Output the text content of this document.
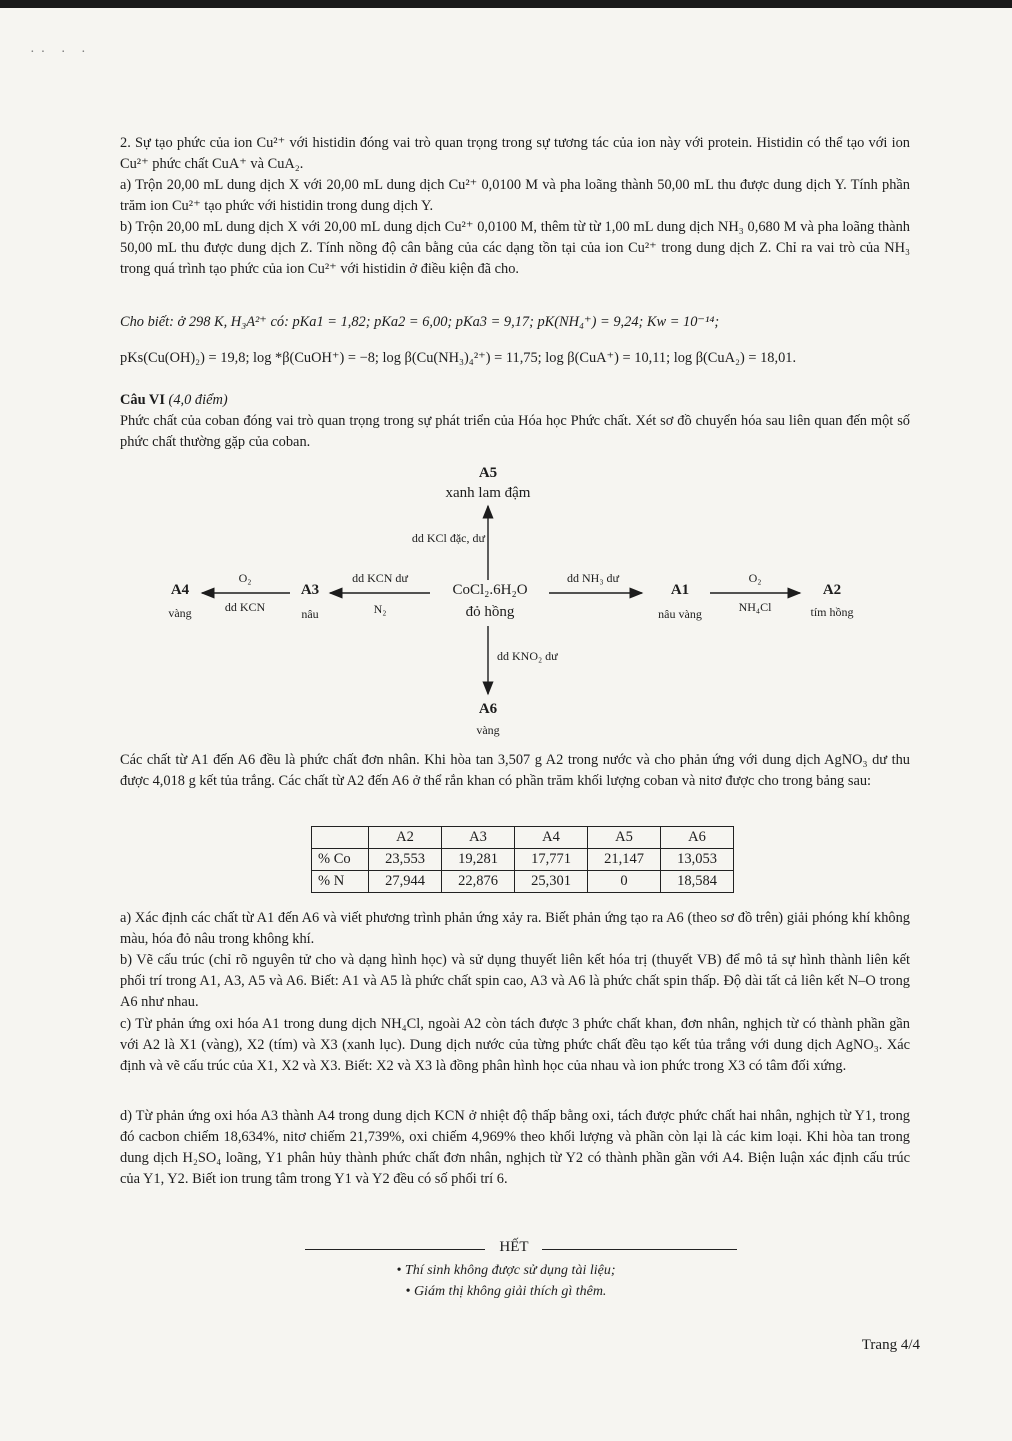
·· · ·
2. Sự tạo phức của ion Cu²⁺ với histidin đóng vai trò quan trọng trong sự tương tác của ion này với protein. Histidin có thể tạo với ion Cu²⁺ phức chất CuA⁺ và CuA₂.
a) Trộn 20,00 mL dung dịch X với 20,00 mL dung dịch Cu²⁺ 0,0100 M và pha loãng thành 50,00 mL thu được dung dịch Y. Tính phần trăm ion Cu²⁺ tạo phức với histidin trong dung dịch Y.
b) Trộn 20,00 mL dung dịch X với 20,00 mL dung dịch Cu²⁺ 0,0100 M, thêm từ từ 1,00 mL dung dịch NH₃ 0,680 M và pha loãng thành 50,00 mL thu được dung dịch Z. Tính nồng độ cân bằng của các dạng tồn tại của ion Cu²⁺ trong dung dịch Z. Chỉ ra vai trò của NH₃ trong quá trình tạo phức của ion Cu²⁺ với histidin ở điều kiện đã cho.
Cho biết: ở 298 K, H₃A²⁺ có: pKa1 = 1,82; pKa2 = 6,00; pKa3 = 9,17; pK(NH₄⁺) = 9,24; Kw = 10⁻¹⁴;
pKs(Cu(OH)₂) = 19,8; log *β(CuOH⁺) = −8; log β(Cu(NH₃)₄²⁺) = 11,75; log β(CuA⁺) = 10,11; log β(CuA₂) = 18,01.
Câu VI (4,0 điểm)
Phức chất của coban đóng vai trò quan trọng trong sự phát triển của Hóa học Phức chất. Xét sơ đồ chuyển hóa sau liên quan đến một số phức chất thường gặp của coban.
A5
xanh lam đậm
dd KCl đặc, dư
CoCl₂.6H₂O
đỏ hồng
dd NH₃ dư
A1
nâu vàng
O₂
NH₄Cl
A2
tím hồng
dd KCN dư
N₂
A3
nâu
O₂
dd KCN
A4
vàng
dd KNO₂ dư
A6
vàng
Các chất từ A1 đến A6 đều là phức chất đơn nhân. Khi hòa tan 3,507 g A2 trong nước và cho phản ứng với dung dịch AgNO₃ dư thu được 4,018 g kết tủa trắng. Các chất từ A2 đến A6 ở thể rắn khan có phần trăm khối lượng coban và nitơ được cho trong bảng sau:
	A2	A3	A4	A5	A6
% Co	23,553	19,281	17,771	21,147	13,053
% N	27,944	22,876	25,301	0	18,584
a) Xác định các chất từ A1 đến A6 và viết phương trình phản ứng xảy ra. Biết phản ứng tạo ra A6 (theo sơ đồ trên) giải phóng khí không màu, hóa đỏ nâu trong không khí.
b) Vẽ cấu trúc (chỉ rõ nguyên tử cho và dạng hình học) và sử dụng thuyết liên kết hóa trị (thuyết VB) để mô tả sự hình thành liên kết phối trí trong A1, A3, A5 và A6. Biết: A1 và A5 là phức chất spin cao, A3 và A6 là phức chất spin thấp. Độ dài tất cả liên kết N–O trong A6 như nhau.
c) Từ phản ứng oxi hóa A1 trong dung dịch NH₄Cl, ngoài A2 còn tách được 3 phức chất khan, đơn nhân, nghịch từ có thành phần gần với A2 là X1 (vàng), X2 (tím) và X3 (xanh lục). Dung dịch nước của từng phức chất đều tạo kết tủa trắng với dung dịch AgNO₃. Xác định và vẽ cấu trúc của X1, X2 và X3. Biết: X2 và X3 là đồng phân hình học của nhau và ion phức trong X3 có tâm đối xứng.
d) Từ phản ứng oxi hóa A3 thành A4 trong dung dịch KCN ở nhiệt độ thấp bằng oxi, tách được phức chất hai nhân, nghịch từ Y1, trong đó cacbon chiếm 18,634%, nitơ chiếm 21,739%, oxi chiếm 4,969% theo khối lượng và phần còn lại là các kim loại. Khi hòa tan trong dung dịch H₂SO₄ loãng, Y1 phân hủy thành phức chất đơn nhân, nghịch từ Y2 có thành phần gần với A4. Biện luận xác định cấu trúc của Y1, Y2. Biết ion trung tâm trong Y1 và Y2 đều có số phối trí 6.
HẾT
• Thí sinh không được sử dụng tài liệu;
• Giám thị không giải thích gì thêm.
Trang 4/4
